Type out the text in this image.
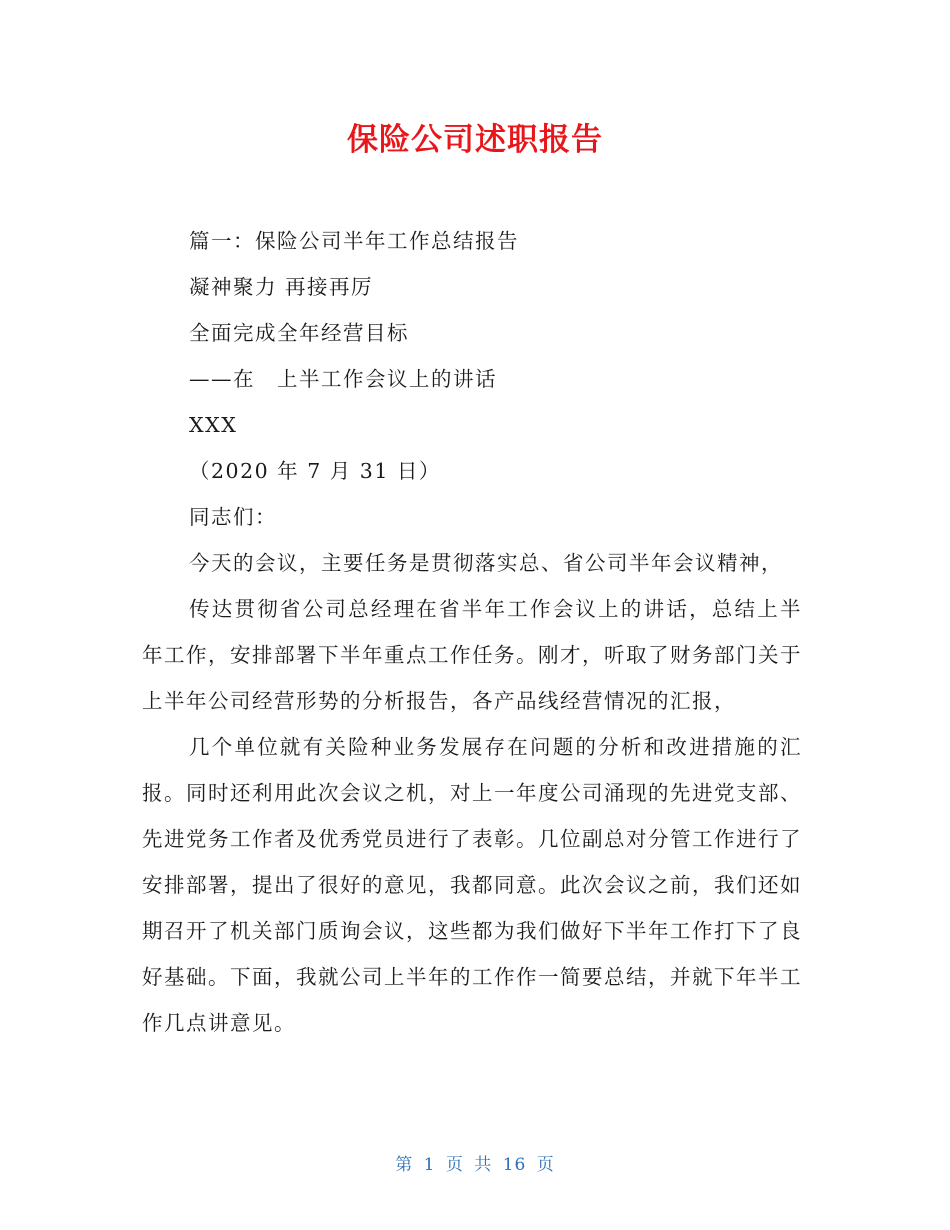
保险公司述职报告

篇一：保险公司半年工作总结报告

凝神聚力 再接再厉

全面完成全年经营目标

——在　上半工作会议上的讲话

XXX

（2020 年 7 月 31 日）

同志们：

今天的会议，主要任务是贯彻落实总、省公司半年会议精神，

传达贯彻省公司总经理在省半年工作会议上的讲话，总结上半年工作，安排部署下半年重点工作任务。刚才，听取了财务部门关于上半年公司经营形势的分析报告，各产品线经营情况的汇报，

几个单位就有关险种业务发展存在问题的分析和改进措施的汇报。同时还利用此次会议之机，对上一年度公司涌现的先进党支部、先进党务工作者及优秀党员进行了表彰。几位副总对分管工作进行了安排部署，提出了很好的意见，我都同意。此次会议之前，我们还如期召开了机关部门质询会议，这些都为我们做好下半年工作打下了良好基础。下面，我就公司上半年的工作作一简要总结，并就下年半工作几点讲意见。

第 1 页 共 16 页
